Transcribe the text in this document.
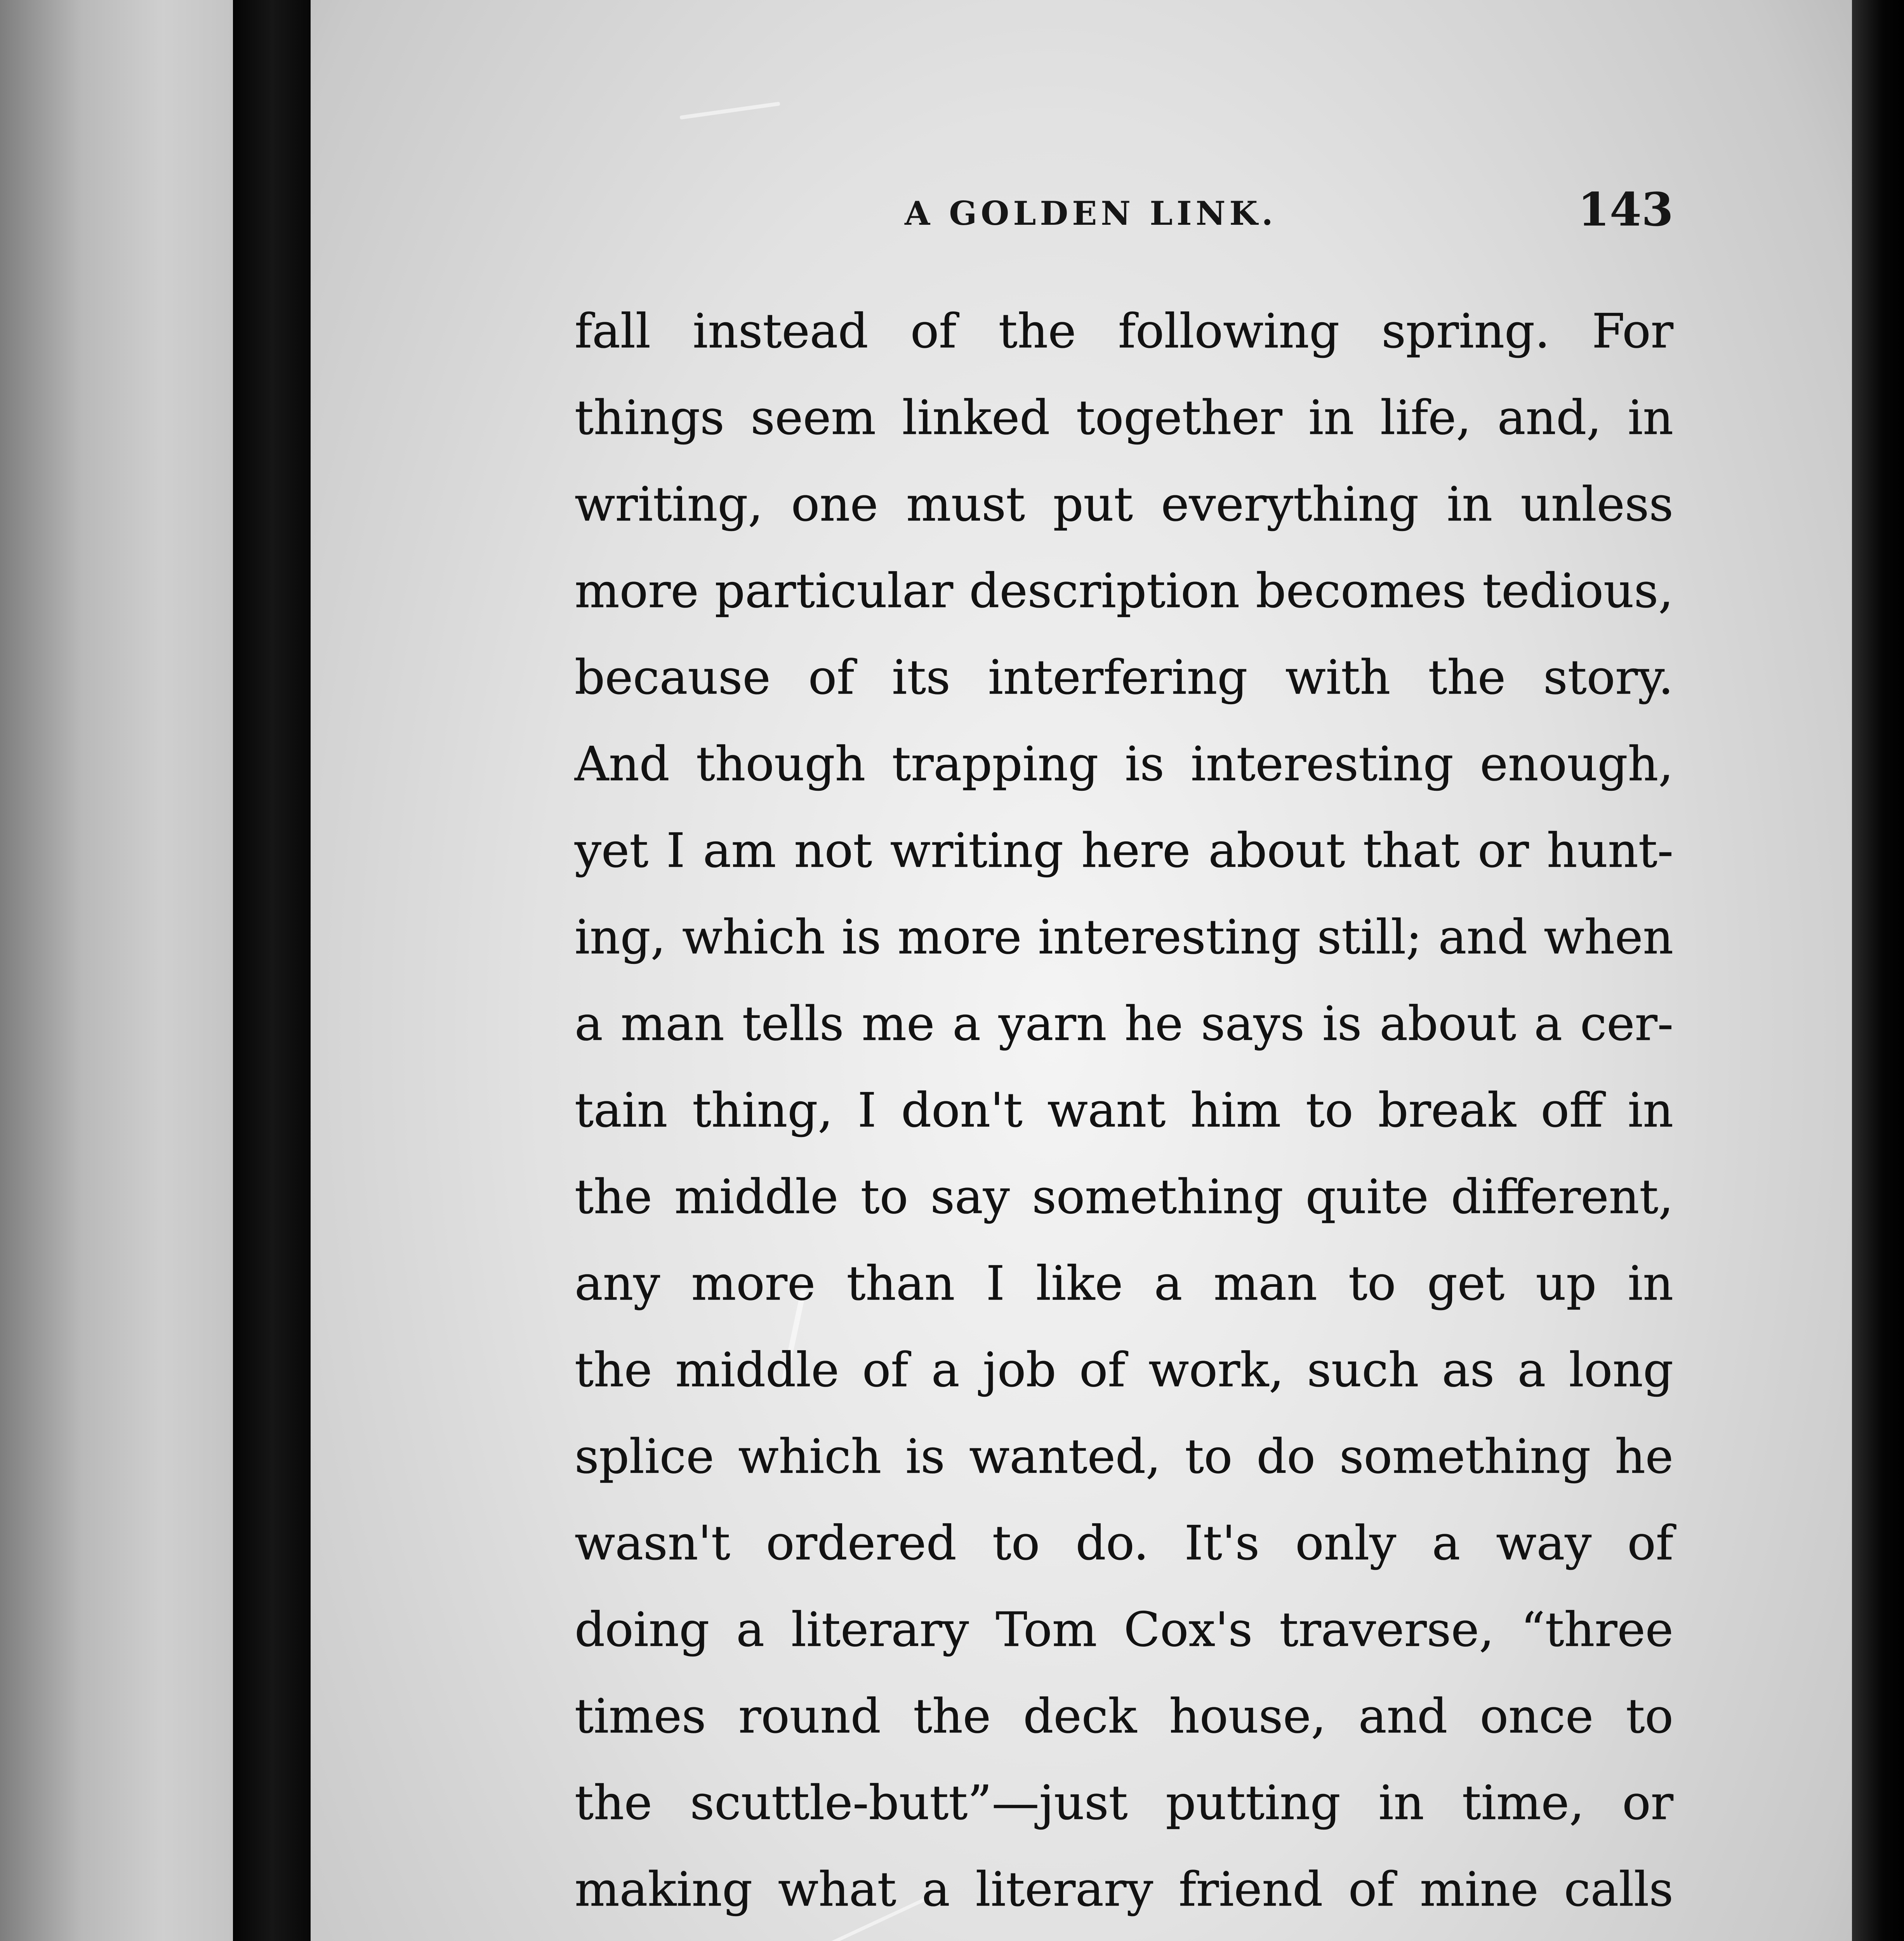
A GOLDEN LINK.	143
fall instead of the following spring. For
things seem linked together in life, and, in
writing, one must put everything in unless
more particular description becomes tedious,
because of its interfering with the story.
And though trapping is interesting enough,
yet I am not writing here about that or hunt-
ing, which is more interesting still; and when
a man tells me a yarn he says is about a cer-
tain thing, I don't want him to break off in
the middle to say something quite different,
any more than I like a man to get up in
the middle of a job of work, such as a long
splice which is wanted, to do something he
wasn't ordered to do. It's only a way of
doing a literary Tom Cox's traverse, “three
times round the deck house, and once to
the scuttle-butt”—just putting in time, or
making what a literary friend of mine calls
